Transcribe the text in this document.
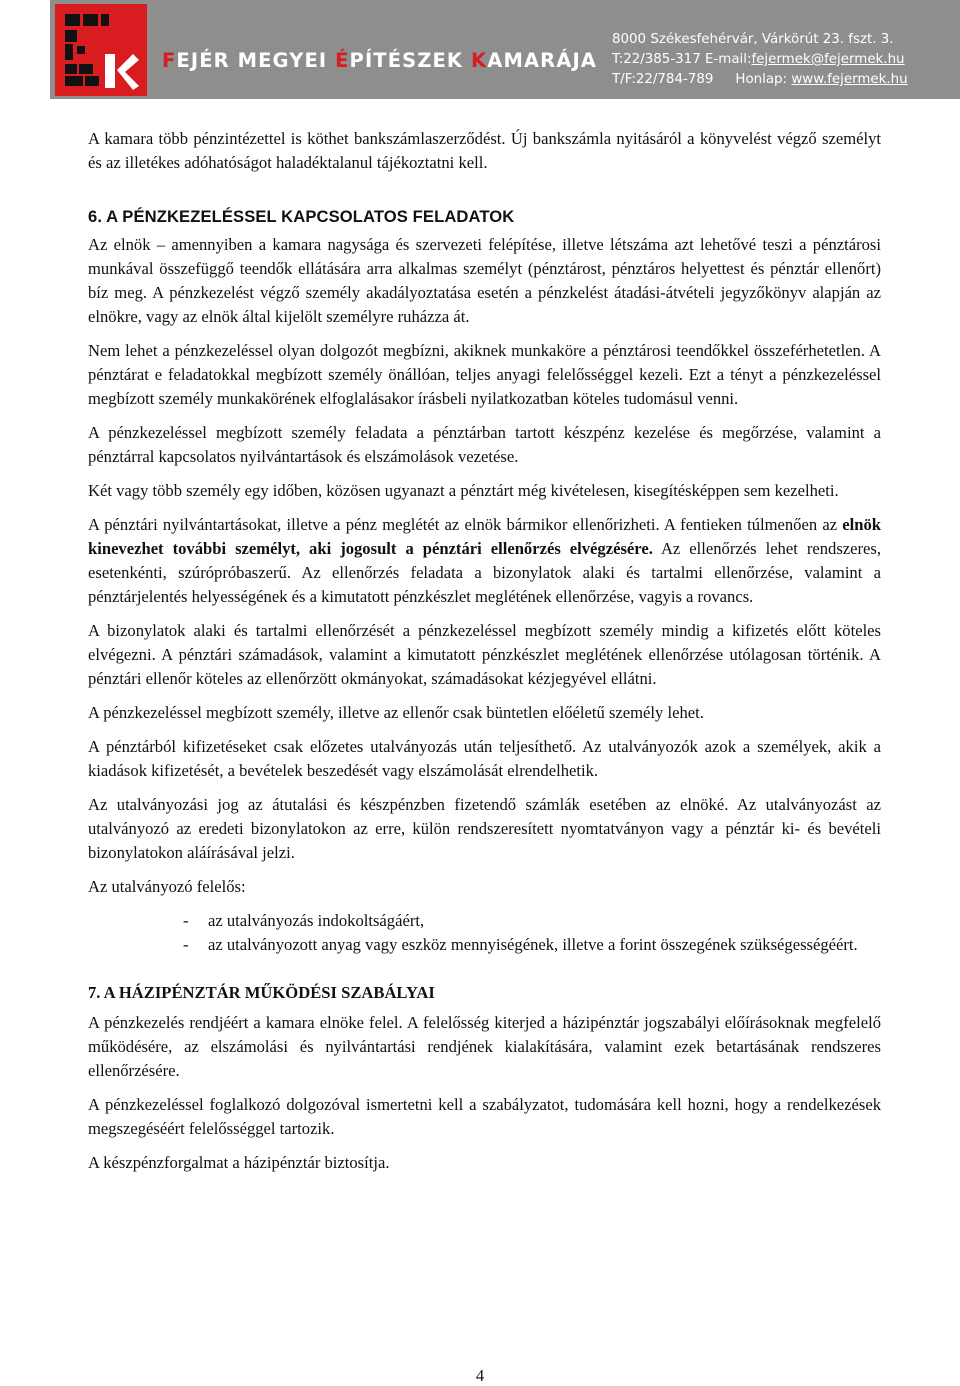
FEJÉR MEGYEI ÉPÍTÉSZEK KAMARÁJA
8000 Székesfehérvár, Várkörút 23. fszt. 3.
T:22/385-317 E-mail:fejermek@fejermek.hu
T/F:22/784-789 Honlap: www.fejermek.hu

A kamara több pénzintézettel is köthet bankszámlaszerződést. Új bankszámla nyitásáról a könyvelést végző személyt és az illetékes adóhatóságot haladéktalanul tájékoztatni kell.

6. A PÉNZKEZELÉSSEL KAPCSOLATOS FELADATOK

Az elnök – amennyiben a kamara nagysága és szervezeti felépítése, illetve létszáma azt lehetővé teszi a pénztárosi munkával összefüggő teendők ellátására arra alkalmas személyt (pénztárost, pénztáros helyettest és pénztár ellenőrt) bíz meg. A pénzkezelést végző személy akadályoztatása esetén a pénzkelést átadási-átvételi jegyzőkönyv alapján az elnökre, vagy az elnök által kijelölt személyre ruházza át.

Nem lehet a pénzkezeléssel olyan dolgozót megbízni, akiknek munkaköre a pénztárosi teendőkkel összeférhetetlen. A pénztárat e feladatokkal megbízott személy önállóan, teljes anyagi felelősséggel kezeli. Ezt a tényt a pénzkezeléssel megbízott személy munkakörének elfoglalásakor írásbeli nyilatkozatban köteles tudomásul venni.

A pénzkezeléssel megbízott személy feladata a pénztárban tartott készpénz kezelése és megőrzése, valamint a pénztárral kapcsolatos nyilvántartások és elszámolások vezetése.

Két vagy több személy egy időben, közösen ugyanazt a pénztárt még kivételesen, kisegítésképpen sem kezelheti.

A pénztári nyilvántartásokat, illetve a pénz meglétét az elnök bármikor ellenőrizheti. A fentieken túlmenően az elnök kinevezhet további személyt, aki jogosult a pénztári ellenőrzés elvégzésére. Az ellenőrzés lehet rendszeres, esetenkénti, szúrópróbaszerű. Az ellenőrzés feladata a bizonylatok alaki és tartalmi ellenőrzése, valamint a pénztárjelentés helyességének és a kimutatott pénzkészlet meglétének ellenőrzése, vagyis a rovancs.

A bizonylatok alaki és tartalmi ellenőrzését a pénzkezeléssel megbízott személy mindig a kifizetés előtt köteles elvégezni. A pénztári számadások, valamint a kimutatott pénzkészlet meglétének ellenőrzése utólagosan történik. A pénztári ellenőr köteles az ellenőrzött okmányokat, számadásokat kézjegyével ellátni.

A pénzkezeléssel megbízott személy, illetve az ellenőr csak büntetlen előéletű személy lehet.

A pénztárból kifizetéseket csak előzetes utalványozás után teljesíthető. Az utalványozók azok a személyek, akik a kiadások kifizetését, a bevételek beszedését vagy elszámolását elrendelhetik.

Az utalványozási jog az átutalási és készpénzben fizetendő számlák esetében az elnöké. Az utalványozást az utalványozó az eredeti bizonylatokon az erre, külön rendszeresített nyomtatványon vagy a pénztár ki- és bevételi bizonylatokon aláírásával jelzi.

Az utalványozó felelős:

- az utalványozás indokoltságáért,
- az utalványozott anyag vagy eszköz mennyiségének, illetve a forint összegének szükségességéért.
7. A HÁZIPÉNZTÁR MŰKÖDÉSI SZABÁLYAI

A pénzkezelés rendjéért a kamara elnöke felel. A felelősség kiterjed a házipénztár jogszabályi előírásoknak megfelelő működésére, az elszámolási és nyilvántartási rendjének kialakítására, valamint ezek betartásának rendszeres ellenőrzésére.

A pénzkezeléssel foglalkozó dolgozóval ismertetni kell a szabályzatot, tudomására kell hozni, hogy a rendelkezések megszegéséért felelősséggel tartozik.

A készpénzforgalmat a házipénztár biztosítja.

4
